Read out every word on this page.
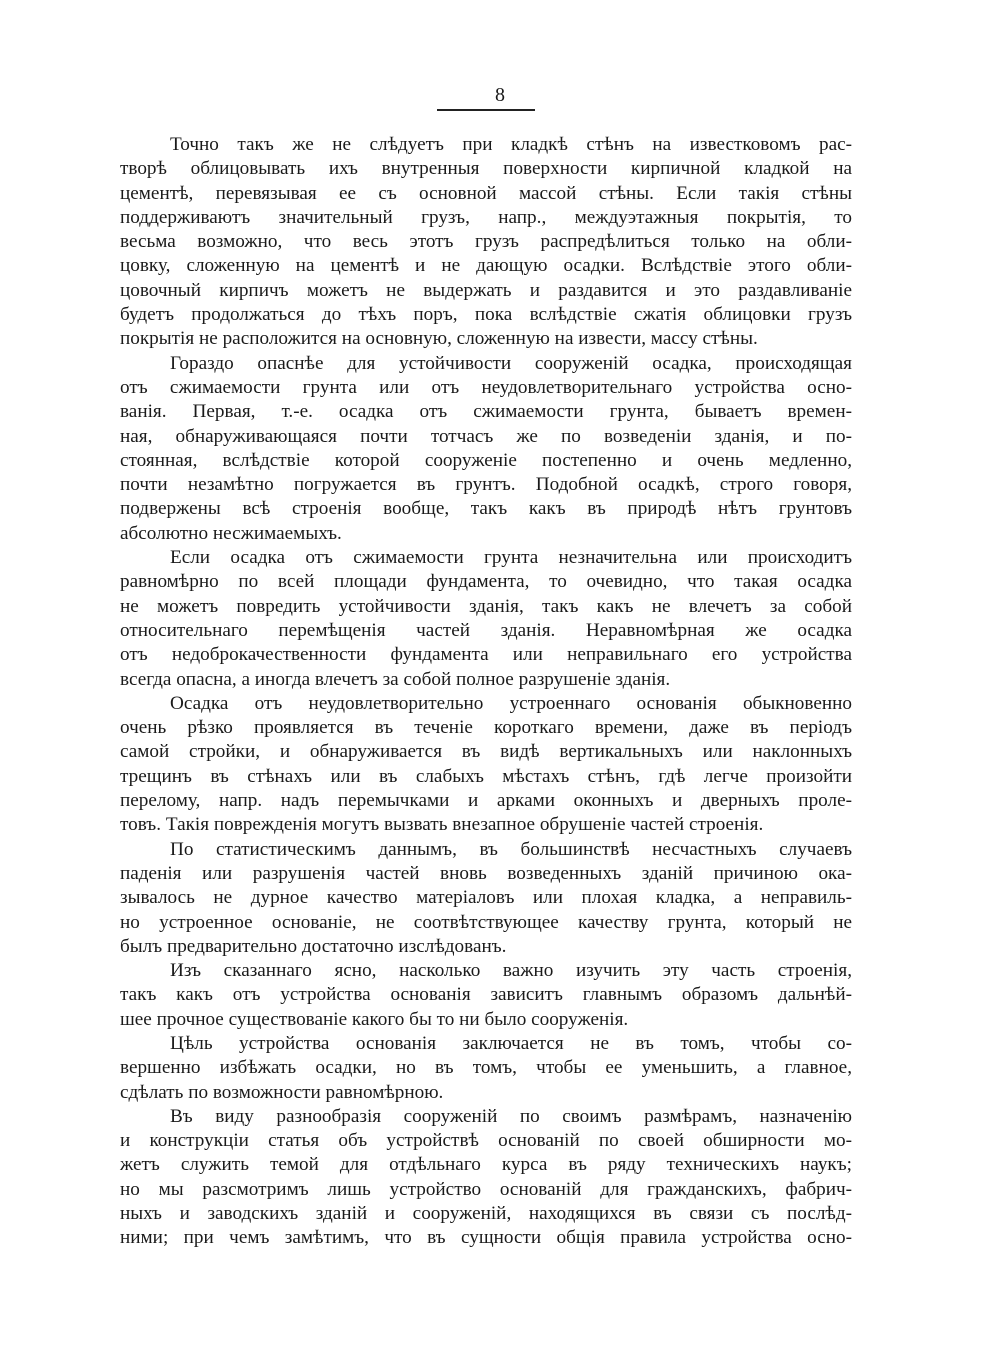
8
Точно такъ же не слѣдуетъ при кладкѣ стѣнъ на известковомъ рас-
творѣ облицовывать ихъ внутренныя поверхности кирпичной кладкой на
цементѣ, перевязывая ее съ основной массой стѣны. Если такія стѣны
поддерживаютъ значительный грузъ, напр., междуэтажныя покрытія, то
весьма возможно, что весь этотъ грузъ распредѣлиться только на обли-
цовку, сложенную на цементѣ и не дающую осадки. Вслѣдствіе этого обли-
цовочный кирпичъ можетъ не выдержать и раздавится и это раздавливаніе
будетъ продолжаться до тѣхъ поръ, пока вслѣдствіе сжатія облицовки грузъ
покрытія не расположится на основную, сложенную на извести, массу стѣны.
Гораздо опаснѣе для устойчивости сооруженій осадка, происходящая
отъ сжимаемости грунта или отъ неудовлетворительнаго устройства осно-
ванія. Первая, т.-е. осадка отъ сжимаемости грунта, бываетъ времен-
ная, обнаруживающаяся почти тотчасъ же по возведеніи зданія, и по-
стоянная, вслѣдствіе которой сооруженіе постепенно и очень медленно,
почти незамѣтно погружается въ грунтъ. Подобной осадкѣ, строго говоря,
подвержены всѣ строенія вообще, такъ какъ въ природѣ нѣтъ грунтовъ
абсолютно несжимаемыхъ.
Если осадка отъ сжимаемости грунта незначительна или происходитъ
равномѣрно по всей площади фундамента, то очевидно, что такая осадка
не можетъ повредить устойчивости зданія, такъ какъ не влечетъ за собой
относительнаго перемѣщенія частей зданія. Неравномѣрная же осадка
отъ недоброкачественности фундамента или неправильнаго его устройства
всегда опасна, а иногда влечетъ за собой полное разрушеніе зданія.
Осадка отъ неудовлетворительно устроеннаго основанія обыкновенно
очень рѣзко проявляется въ теченіе короткаго времени, даже въ періодъ
самой стройки, и обнаруживается въ видѣ вертикальныхъ или наклонныхъ
трещинъ въ стѣнахъ или въ слабыхъ мѣстахъ стѣнъ, гдѣ легче произойти
перелому, напр. надъ перемычками и арками оконныхъ и дверныхъ проле-
товъ. Такія поврежденія могутъ вызвать внезапное обрушеніе частей строенія.
По статистическимъ даннымъ, въ большинствѣ несчастныхъ случаевъ
паденія или разрушенія частей вновь возведенныхъ зданій причиною ока-
зывалось не дурное качество матеріаловъ или плохая кладка, а неправиль-
но устроенное основаніе, не соотвѣтствующее качеству грунта, который не
былъ предварительно достаточно изслѣдованъ.
Изъ сказаннаго ясно, насколько важно изучить эту часть строенія,
такъ какъ отъ устройства основанія зависитъ главнымъ образомъ дальнѣй-
шее прочное существованіе какого бы то ни было сооруженія.
Цѣль устройства основанія заключается не въ томъ, чтобы со-
вершенно избѣжать осадки, но въ томъ, чтобы ее уменьшить, а главное,
сдѣлать по возможности равномѣрною.
Въ виду разнообразія сооруженій по своимъ размѣрамъ, назначенію
и конструкціи статья объ устройствѣ основаній по своей обширности мо-
жетъ служить темой для отдѣльнаго курса въ ряду техническихъ наукъ;
но мы разсмотримъ лишь устройство основаній для гражданскихъ, фабрич-
ныхъ и заводскихъ зданій и сооруженій, находящихся въ связи съ послѣд-
ними; при чемъ замѣтимъ, что въ сущности общія правила устройства осно-
